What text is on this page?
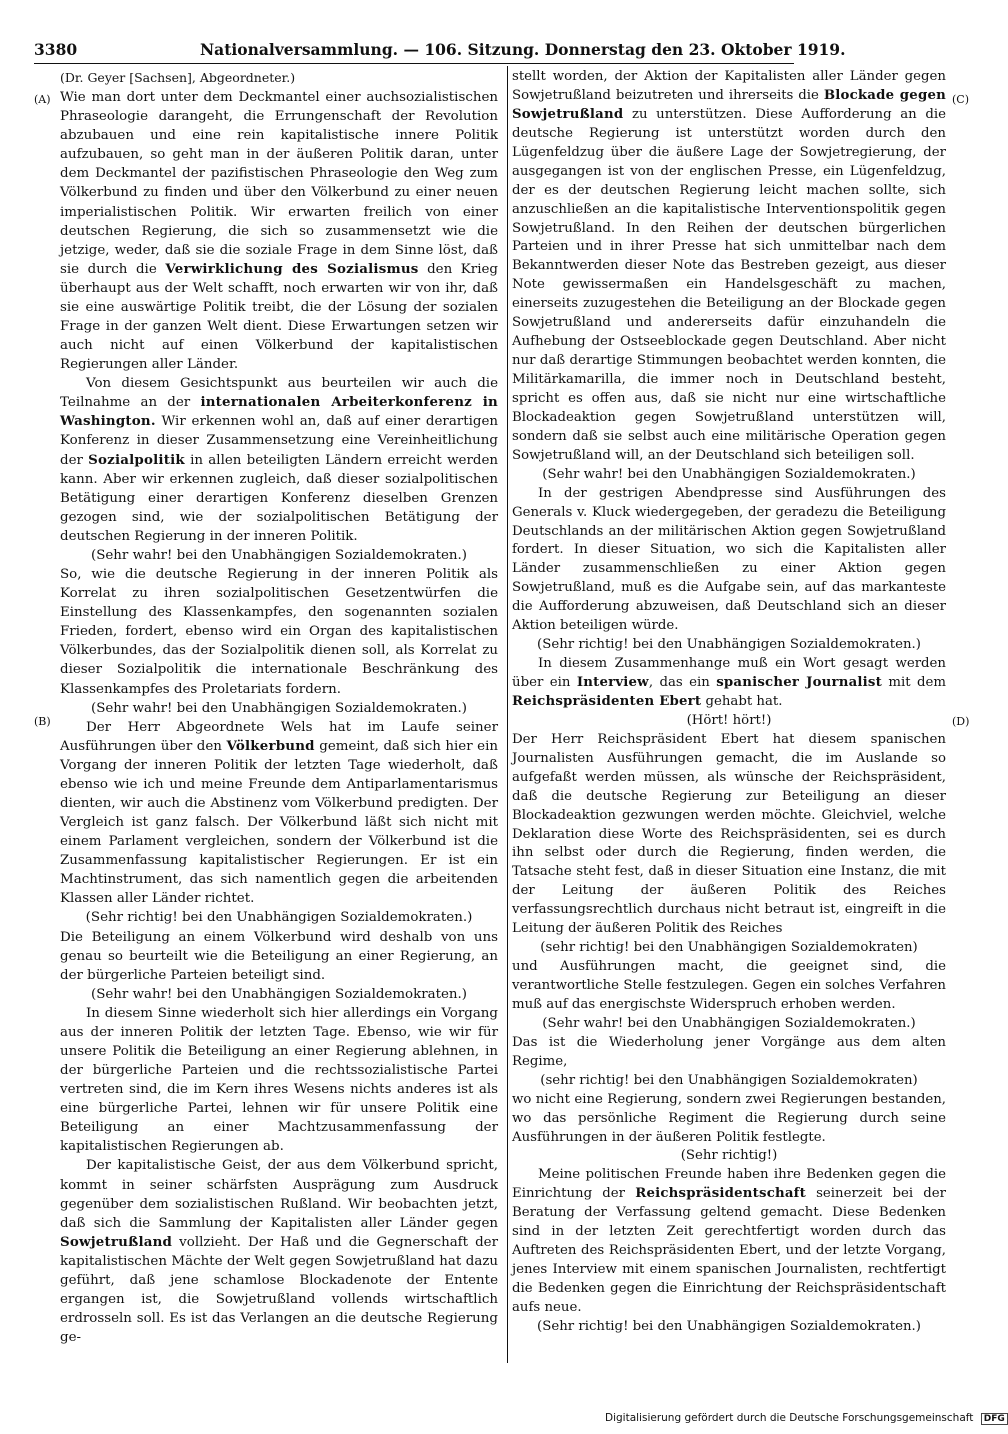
3380	Nationalversammlung. — 106. Sitzung. Donnerstag den 23. Oktober 1919.
(A)
(B)
(C)
(D)

(Dr. Geyer [Sachsen], Abgeordneter.)

Wie man dort unter dem Deckmantel einer auchsozialistischen Phraseologie darangeht, die Errungenschaft der Revolution abzubauen und eine rein kapitalistische innere Politik aufzubauen, so geht man in der äußeren Politik daran, unter dem Deckmantel der pazifistischen Phraseologie den Weg zum Völkerbund zu finden und über den Völkerbund zu einer neuen imperialistischen Politik. Wir erwarten freilich von einer deutschen Regierung, die sich so zusammensetzt wie die jetzige, weder, daß sie die soziale Frage in dem Sinne löst, daß sie durch die Verwirklichung des Sozialismus den Krieg überhaupt aus der Welt schafft, noch erwarten wir von ihr, daß sie eine auswärtige Politik treibt, die der Lösung der sozialen Frage in der ganzen Welt dient. Diese Erwartungen setzen wir auch nicht auf einen Völkerbund der kapitalistischen Regierungen aller Länder.

Von diesem Gesichtspunkt aus beurteilen wir auch die Teilnahme an der internationalen Arbeiterkonferenz in Washington. Wir erkennen wohl an, daß auf einer derartigen Konferenz in dieser Zusammensetzung eine Vereinheitlichung der Sozialpolitik in allen beteiligten Ländern erreicht werden kann. Aber wir erkennen zugleich, daß dieser sozialpolitischen Betätigung einer derartigen Konferenz dieselben Grenzen gezogen sind, wie der sozialpolitischen Betätigung der deutschen Regierung in der inneren Politik.

(Sehr wahr! bei den Unabhängigen Sozialdemokraten.)

So, wie die deutsche Regierung in der inneren Politik als Korrelat zu ihren sozialpolitischen Gesetzentwürfen die Einstellung des Klassenkampfes, den sogenannten sozialen Frieden, fordert, ebenso wird ein Organ des kapitalistischen Völkerbundes, das der Sozialpolitik dienen soll, als Korrelat zu dieser Sozialpolitik die internationale Beschränkung des Klassenkampfes des Proletariats fordern.

(Sehr wahr! bei den Unabhängigen Sozialdemokraten.)

Der Herr Abgeordnete Wels hat im Laufe seiner Ausführungen über den Völkerbund gemeint, daß sich hier ein Vorgang der inneren Politik der letzten Tage wiederholt, daß ebenso wie ich und meine Freunde dem Antiparlamentarismus dienten, wir auch die Abstinenz vom Völkerbund predigten. Der Vergleich ist ganz falsch. Der Völkerbund läßt sich nicht mit einem Parlament vergleichen, sondern der Völkerbund ist die Zusammenfassung kapitalistischer Regierungen. Er ist ein Machtinstrument, das sich namentlich gegen die arbeitenden Klassen aller Länder richtet.

(Sehr richtig! bei den Unabhängigen Sozialdemokraten.)

Die Beteiligung an einem Völkerbund wird deshalb von uns genau so beurteilt wie die Beteiligung an einer Regierung, an der bürgerliche Parteien beteiligt sind.

(Sehr wahr! bei den Unabhängigen Sozialdemokraten.)

In diesem Sinne wiederholt sich hier allerdings ein Vorgang aus der inneren Politik der letzten Tage. Ebenso, wie wir für unsere Politik die Beteiligung an einer Regierung ablehnen, in der bürgerliche Parteien und die rechtssozialistische Partei vertreten sind, die im Kern ihres Wesens nichts anderes ist als eine bürgerliche Partei, lehnen wir für unsere Politik eine Beteiligung an einer Machtzusammenfassung der kapitalistischen Regierungen ab.

Der kapitalistische Geist, der aus dem Völkerbund spricht, kommt in seiner schärfsten Ausprägung zum Ausdruck gegenüber dem sozialistischen Rußland. Wir beobachten jetzt, daß sich die Sammlung der Kapitalisten aller Länder gegen Sowjetrußland vollzieht. Der Haß und die Gegnerschaft der kapitalistischen Mächte der Welt gegen Sowjetrußland hat dazu geführt, daß jene schamlose Blockadenote der Entente ergangen ist, die Sowjetrußland vollends wirtschaftlich erdrosseln soll. Es ist das Verlangen an die deutsche Regierung ge-

stellt worden, der Aktion der Kapitalisten aller Länder gegen Sowjetrußland beizutreten und ihrerseits die Blockade gegen Sowjetrußland zu unterstützen. Diese Aufforderung an die deutsche Regierung ist unterstützt worden durch den Lügenfeldzug über die äußere Lage der Sowjetregierung, der ausgegangen ist von der englischen Presse, ein Lügenfeldzug, der es der deutschen Regierung leicht machen sollte, sich anzuschließen an die kapitalistische Interventionspolitik gegen Sowjetrußland. In den Reihen der deutschen bürgerlichen Parteien und in ihrer Presse hat sich unmittelbar nach dem Bekanntwerden dieser Note das Bestreben gezeigt, aus dieser Note gewissermaßen ein Handelsgeschäft zu machen, einerseits zuzugestehen die Beteiligung an der Blockade gegen Sowjetrußland und andererseits dafür einzuhandeln die Aufhebung der Ostseeblockade gegen Deutschland. Aber nicht nur daß derartige Stimmungen beobachtet werden konnten, die Militärkamarilla, die immer noch in Deutschland besteht, spricht es offen aus, daß sie nicht nur eine wirtschaftliche Blockadeaktion gegen Sowjetrußland unterstützen will, sondern daß sie selbst auch eine militärische Operation gegen Sowjetrußland will, an der Deutschland sich beteiligen soll.

(Sehr wahr! bei den Unabhängigen Sozialdemokraten.)

In der gestrigen Abendpresse sind Ausführungen des Generals v. Kluck wiedergegeben, der geradezu die Beteiligung Deutschlands an der militärischen Aktion gegen Sowjetrußland fordert. In dieser Situation, wo sich die Kapitalisten aller Länder zusammenschließen zu einer Aktion gegen Sowjetrußland, muß es die Aufgabe sein, auf das markanteste die Aufforderung abzuweisen, daß Deutschland sich an dieser Aktion beteiligen würde.

(Sehr richtig! bei den Unabhängigen Sozialdemokraten.)

In diesem Zusammenhange muß ein Wort gesagt werden über ein Interview, das ein spanischer Journalist mit dem Reichspräsidenten Ebert gehabt hat.

(Hört! hört!)

Der Herr Reichspräsident Ebert hat diesem spanischen Journalisten Ausführungen gemacht, die im Auslande so aufgefaßt werden müssen, als wünsche der Reichspräsident, daß die deutsche Regierung zur Beteiligung an dieser Blockadeaktion gezwungen werden möchte. Gleichviel, welche Deklaration diese Worte des Reichspräsidenten, sei es durch ihn selbst oder durch die Regierung, finden werden, die Tatsache steht fest, daß in dieser Situation eine Instanz, die mit der Leitung der äußeren Politik des Reiches verfassungsrechtlich durchaus nicht betraut ist, eingreift in die Leitung der äußeren Politik des Reiches

(sehr richtig! bei den Unabhängigen Sozialdemokraten)

und Ausführungen macht, die geeignet sind, die verantwortliche Stelle festzulegen. Gegen ein solches Verfahren muß auf das energischste Widerspruch erhoben werden.

(Sehr wahr! bei den Unabhängigen Sozialdemokraten.)

Das ist die Wiederholung jener Vorgänge aus dem alten Regime,

(sehr richtig! bei den Unabhängigen Sozialdemokraten)

wo nicht eine Regierung, sondern zwei Regierungen bestanden, wo das persönliche Regiment die Regierung durch seine Ausführungen in der äußeren Politik festlegte.

(Sehr richtig!)

Meine politischen Freunde haben ihre Bedenken gegen die Einrichtung der Reichspräsidentschaft seinerzeit bei der Beratung der Verfassung geltend gemacht. Diese Bedenken sind in der letzten Zeit gerechtfertigt worden durch das Auftreten des Reichspräsidenten Ebert, und der letzte Vorgang, jenes Interview mit einem spanischen Journalisten, rechtfertigt die Bedenken gegen die Einrichtung der Reichspräsidentschaft aufs neue.

(Sehr richtig! bei den Unabhängigen Sozialdemokraten.)

Digitalisierung gefördert durch die Deutsche Forschungsgemeinschaft DFG
